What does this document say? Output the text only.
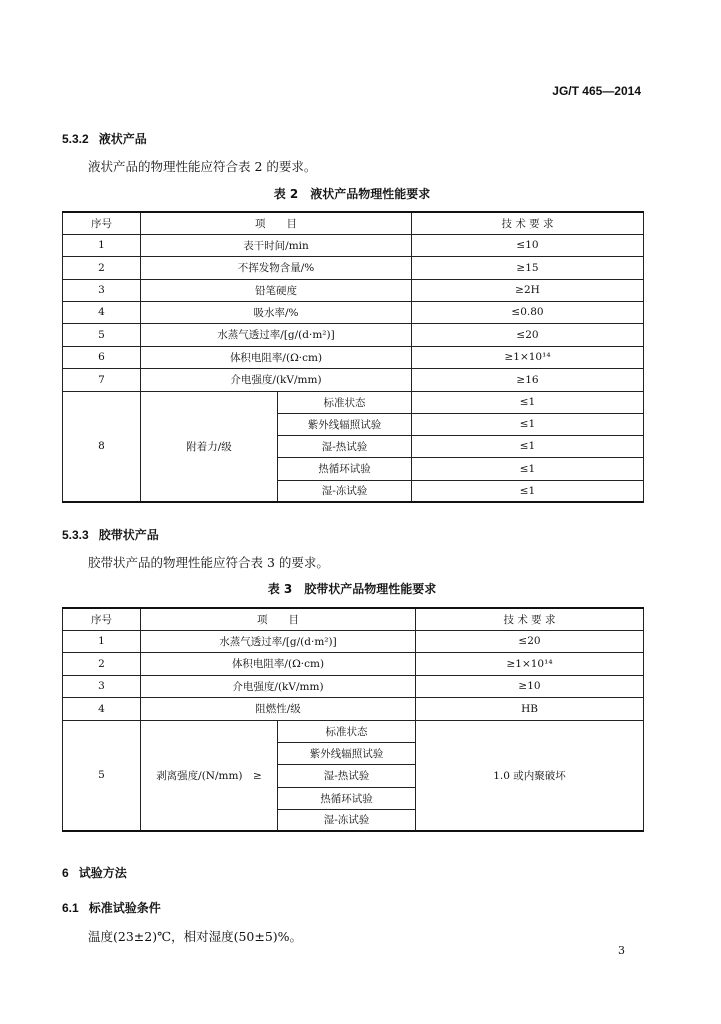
JG/T 465—2014
5.3.2 液状产品
液状产品的物理性能应符合表 2 的要求。
表 2　液状产品物理性能要求
序号	项　　目		技 术 要 求
1	表干时间/min		≤10
2	不挥发物含量/%		≥15
3	铅笔硬度		≥2H
4	吸水率/%		≤0.80
5	水蒸气透过率/[g/(d·m²)]		≤20
6	体积电阻率/(Ω·cm)		≥1×10¹⁴
7	介电强度/(kV/mm)		≥16
8	附着力/级	标准状态	≤1
		紫外线辐照试验	≤1
		湿-热试验	≤1
		热循环试验	≤1
		湿-冻试验	≤1
5.3.3 胶带状产品
胶带状产品的物理性能应符合表 3 的要求。
表 3　胶带状产品物理性能要求
序号	项　　目		技 术 要 求
1	水蒸气透过率/[g/(d·m²)]		≤20
2	体积电阻率/(Ω·cm)		≥1×10¹⁴
3	介电强度/(kV/mm)		≥10
4	阻燃性/级		HB
5	剥离强度/(N/mm)　≥	标准状态	1.0 或内聚破坏
		紫外线辐照试验	
		湿-热试验	
		热循环试验	
		湿-冻试验	
6 试验方法
6.1 标准试验条件
温度(23±2)℃，相对湿度(50±5)%。
3
